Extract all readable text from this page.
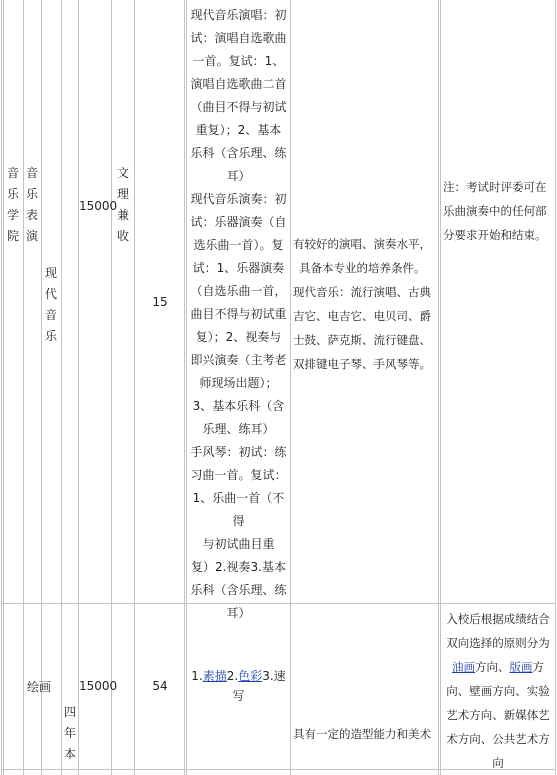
音乐学院
音乐表演
现代音乐
15000
文理兼收
15
现代音乐演唱：初
试：演唱自选歌曲
一首。复试：1、
演唱自选歌曲二首
（曲目不得与初试
重复）；2、基本
乐科（含乐理、练
耳）
现代音乐演奏：初
试：乐器演奏（自
选乐曲一首）。复
试：1、乐器演奏
（自选乐曲一首，
曲目不得与初试重
复）；2、视奏与
即兴演奏（主考老
师现场出题）；
3、基本乐科（含
乐理、练耳）
手风琴：初试：练
习曲一首。复试：
1、乐曲一首（不得
与初试曲目重
复）2.视奏3.基本
乐科（含乐理、练
耳）
有较好的演唱、演奏水平，
具备本专业的培养条件。
现代音乐：流行演唱、古典
吉它、电吉它、电贝司、爵
士鼓、萨克斯、流行键盘、
双排键电子琴、手风琴等。
注：考试时评委可在
乐曲演奏中的任何部
分要求开始和结束。
绘画
四年本
15000	54
1.素描2.色彩3.速
写
具有一定的造型能力和美术
入校后根据成绩结合
双向选择的原则分为
油画方向、版画方
向、壁画方向、实验
艺术方向、新媒体艺
术方向、公共艺术方
向
